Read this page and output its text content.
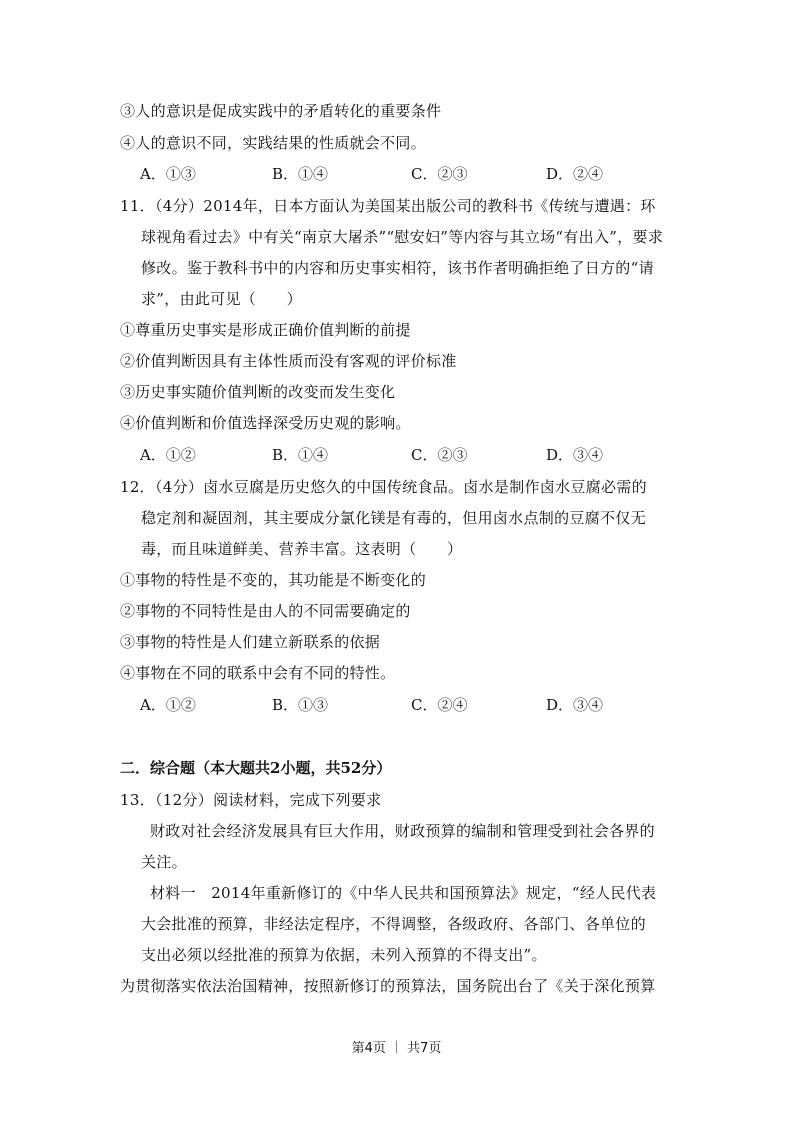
③人的意识是促成实践中的矛盾转化的重要条件
④人的意识不同，实践结果的性质就会不同。
A．①③	B．①④	C．②③	D．②④
11．（4分）2014年，日本方面认为美国某出版公司的教科书《传统与遭遇：环
球视角看过去》中有关“南京大屠杀”“慰安妇”等内容与其立场“有出入”，要求
修改。鉴于教科书中的内容和历史事实相符，该书作者明确拒绝了日方的“请
求”，由此可见（　　）
①尊重历史事实是形成正确价值判断的前提
②价值判断因具有主体性质而没有客观的评价标准
③历史事实随价值判断的改变而发生变化
④价值判断和价值选择深受历史观的影响。
A．①②	B．①④	C．②③	D．③④
12．（4分）卤水豆腐是历史悠久的中国传统食品。卤水是制作卤水豆腐必需的
稳定剂和凝固剂，其主要成分氯化镁是有毒的，但用卤水点制的豆腐不仅无
毒，而且味道鲜美、营养丰富。这表明（　　）
①事物的特性是不变的，其功能是不断变化的
②事物的不同特性是由人的不同需要确定的
③事物的特性是人们建立新联系的依据
④事物在不同的联系中会有不同的特性。
A．①②	B．①③	C．②④	D．③④
二．综合题（本大题共2小题，共52分）
13．（12分）阅读材料，完成下列要求
财政对社会经济发展具有巨大作用，财政预算的编制和管理受到社会各界的
关注。
材料一　2014年重新修订的《中华人民共和国预算法》规定，“经人民代表
大会批准的预算，非经法定程序，不得调整，各级政府、各部门、各单位的
支出必须以经批准的预算为依据，未列入预算的不得支出”。
为贯彻落实依法治国精神，按照新修订的预算法，国务院出台了《关于深化预算
第4页 ｜ 共7页
